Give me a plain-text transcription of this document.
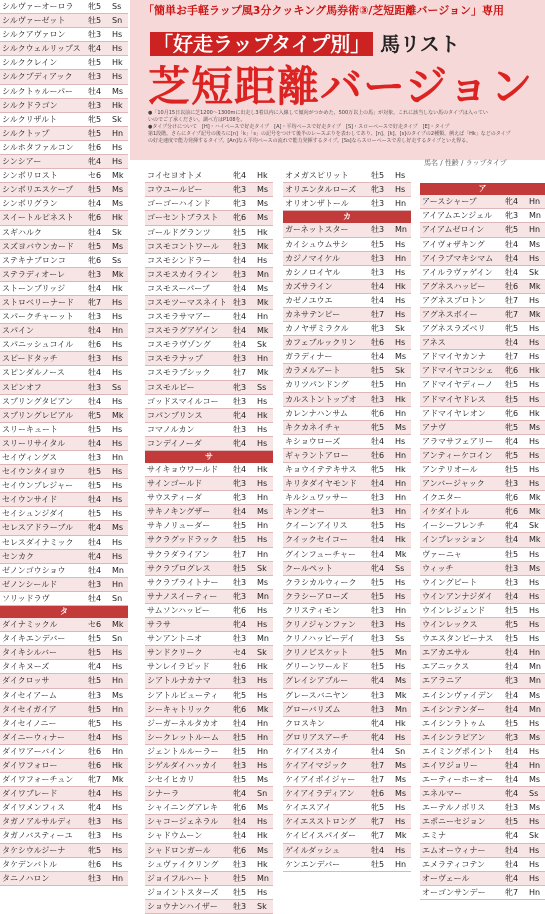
「簡単お手軽ラップ風3分クッキング馬券術③/芝短距離バージョン」専用
「好走ラップタイプ別」 馬リスト
芝短距離バージョン
●「10月15日以前に芝1200〜1300mに出走し3着以内に入線して傾向がつかめた、500万以上の馬」が対象。これに該当しない馬のタイプは入ってい
いのでご了承ください。調べ方はP108を。
●タイプ分けについて　[H]・ハイペースで好走タイプ　[A]・平均ペースで好走タイプ　[S]・スローペースで好走タイプ　[E]・タイプ
第1段階。さらにタイプ記号の後ろに[n]「k」「s」の記号をつけて後半のレースぶりを表わしてあり、[n]、[k]、[s]のタイプの2種類、例えば「Hk」などのタイプ
の好走速度で能力発揮するタイプ。[An]なら平均ペースの流れで能力発揮するタイプ。[Ss]ならスローペースで差し好走するタイプといえ得る。
馬名 / 性齢 / ラップタイプ
シルヴァーオーロラ	牝5	Ss
シルヴァーゼット	牡5	Sn
シルクアヴァロン	牡3	Hs
シルクウェルリップス 牝4	Hs
シルククレイン	牡5	Hk
シルクプディアック	牡3	Hs
シルクトゥルーパー	牡4	Ms
シルクドラゴン	牡3	Hk
シルクリザルト	牝5	Sk
シルクトップ	牡5	Hn
シルホタファルコン	牡6	Hs
シンシアー	牝4	Hs
シンボリロスト	セ6	Mk
シンボリエスケープ	牡5	Ms
シンボリグラン	牡4	Ms
スイートルピネスト	牝6	Hk
スギハルク	牡4	Sk
スズヨバウンカード	牡5	Ms
ステキナブロンコ	牝6	Ss
ステラディオーレ	牡3	Mk
ストーンブリッジ	牡4	Hk
ストロベリーナード	牝7	Hs
スパークチャーット	牡3	Hs
スパイン	牡4	Hn
スパニッシュコイル	牡6	Hs
スピードタッチ	牡3	Hs
スピンダルノース	牡4	Hs
スピンオフ	牡3	Ss
スプリングタピアン	牡4	Hs
スプリングレビアル	牝5	Mk
スリーキュート	牡5	Hs
スリーリサイタル	牡4	Hs
セイヴィングス	牡3	Hn
セイウンタイヨウ	牡5	Hs
セイウンプレジャー	牡5	Hs
セイウンサイド	牡4	Hs
セイシュンジダイ	牡5	Hs
セレスアドラーブル	牝4	Ms
セレスダイナミック	牡4	Hs
センカク	牝4	Hs
ゼノンゴウショウ	牡4	Mn
ゼノンシールド	牡3	Hn
ソリッドラヴ	牡4	Sn
タ
ダイナミックル	セ6	Mk
タイキエンデバー	牡5	Sn
タイキシルバー	牡5	Hs
タイキヌーズ	牝4	Hs
ダイクロッサ	牡5	Hn
タイセイアーム	牡3	Ms
タイセイガイア	牡5	Hn
タイセイノニー	牝5	Hs
ダイニーウィナー	牡4	Hs
ダイワアーバイン	牡6	Hn
ダイワフォロー	牡6	Hk
ダイワフォーチュン	牝7	Mk
ダイワブレード	牡4	Hs
ダイワメンフィス	牝4	Hs
タガノアルサルディ	牡3	Hs
タガノバスティーユ	牡3	Hs
タケシウルジーナ	牝5	Hs
タケデンバトル	牡6	Hs
タニノハロン	牡3	Hn
コイセヨオトメ	牝4	Hk
コウユールビー	牝3	Ms
ゴーゴーハインド	牝3	Ms
ゴーセントブラスト	牝6	Ms
ゴールドグランツ	牡5	Hk
コスモコントワール	牡3	Mk
コスモシンドラー	牡4	Hs
コスモスカイライン	牡3	Mn
コスモスーパーブ	牡4	Ms
コスモツーマスネイト 牡3	Mk
コスモラサマアー	牡4	Hn
コスモラグアゲイン	牡4	Mk
コスモラヴゾング	牡4	Sk
コスモラナップ	牡3	Hn
コスモラブシック	牡7	Mk
コスモルビー	牝3	Ss
ゴッドスマイルコー	牡3	Hs
コパンプリンス	牝4	Hk
コマノルカン	牡3	Hs
コンデイノーダ	牝4	Hs
サ
サイキョウワールド	牡4	Hk
サインゴールド	牝3	Hs
サウスティーダ	牝3	Hn
サキノキングザー	牡4	Ms
サキノリューダー	牡5	Hn
サクラグッドラック	牡5	Hs
サクラダライアン	牡7	Hn
サクラプログレス	牡5	Sk
サクラブライトナー	牡3	Ms
サナノスイーティー	牝3	Mn
サムソンハッピー	牝6	Hs
サラサ	牝4	Hs
サンアントニオ	牡3	Mn
サンドクリーク	セ4	Sk
サンレイラピッド	牡6	Hk
シアトルナカナマ	牡3	Hs
シアトルビューティ	牝5	Hs
シーキャトリック	牝6	Mk
ジーガーネルタカオ	牡4	Hn
シークレットルーム	牡5	Hn
ジェントルルーラー	牡5	Hn
シゲルダイハッカイ	牡3	Hs
シセイヒカリ	牡5	Ms
シナーラ	牝4	Sn
シャイニングアレキ	牝6	Ms
シャコージェネラル	牡4	Hs
シャドウムーン	牡4	Hk
シャドロンガール	牝6	Ms
シュヴァイクリング	牡3	Hk
ジョイフルハート	牡5	Mn
ジョイントスターズ	牡5	Hs
ショウナンハイザー	牡3	Sk
オメガスピリット	牡5	Hs
オリエンタルローズ	牝3	Hs
オリオンザトール	牡3	Hn
カ
ガーネットスター	牡3	Mn
カイシュウムサシ	牡5	Hs
カジノマイケル	牡3	Hn
カシノロイヤル	牡3	Hs
カズサライン	牡4	Hk
カゼノユウエ	牡4	Hs
カネサテンピー	牡7	Hs
カノヤザミラクル	牝3	Sk
カフェブルックリン	牡6	Hs
ガラディナー	牡4	Ms
カラメルアート	牡5	Sk
カリツパンドング	牡5	Hn
カルストントップオ	牡3	Hk
カレンナハンサム	牝6	Hn
キクカネイチャ	牝5	Ms
キショウローズ	牡4	Hs
ギャラントアロー	牡6	Hn
キョウイテテキサス	牝5	Hk
キリタダイヤモンド	牡4	Hn
キルシュワッサー	牡3	Hn
キングオー	牡3	Hn
クイーンアイリス	牡5	Hs
クイックセイコー	牡4	Hk
グインフューチャー	牡4	Mk
クールペット	牝4	Ss
クラシカルウィーク	牡5	Hs
クラシーアローズ	牡5	Hs
クリスティモン	牡3	Hn
クリノジャンファン	牡3	Hs
クリノハッピーデイ	牡3	Ss
クリノビスケット	牡5	Mn
グリーンワールド	牡5	Hs
グレイシアブルー	牝4	Ms
グレースバニヤン	牡3	Mk
グローバリズム	牡3	Mn
クロスキン	牝4	Hk
グロリアスアーチ	牝4	Hs
ケイアイスカイ	牡4	Sn
ケイアイマジック	牡7	Ms
ケイアイポイジャー	牡7	Ms
ケイアイラディアン	牡6	Ms
ケイエスアイ	牝5	Hs
ケイエスストロング	牝7	Hs
ケイビイスパイダー	牝7	Mk
ゲイルダッシュ	牡4	Hs
ケンエンデバー	牡5	Hn
ア
アースシャープ	牝4	Hn
アイアムエンジェル	牝3	Mn
アイアムゼロイン	牝5	Hn
アイヴォザキング	牡4	Ms
アイラブマキシマム	牡4	Hs
アイルラヴァゲイン	牡4	Sk
アグネスハッピー	牡6	Mk
アグネスプロトン	牡7	Hs
アグネスボイー	牝7	Mk
アグネスラズベリ	牝5	Hs
アネス	牡4	Hs
アドマイヤカンナ	牡7	Hs
アドマイヤコンシェ	牝6	Hk
アドマイヤディーノ	牡5	Hs
アドマイヤドレス	牡5	Hs
アドマイヤレオン	牝6	Hk
アナヴ	牝5	Ms
アラマサフェアリー	牝4	Hs
アンティーケコイン	牝5	Hs
アンテリオール	牡5	Hs
アンバージャック	牡3	Hs
イクエター	牝6	Mk
イケダイトル	牝6	Mk
イーシーフレンチ	牝4	Sk
インプレッション	牡4	Mk
ヴァーニャ	牡5	Hs
ウィッチ	牡3	Ms
ウイングビート	牡3	Hs
ウインアンナジダイ	牡4	Hs
ウインレジェンド	牡5	Hs
ウインレックス	牝5	Hs
ウエスタンピーナス	牡5	Hs
エアカエサル	牡4	Hn
エアニックス	牡4	Mn
エアラニア	牝3	Mn
エイシンヴァイデン	牡4	Ms
エイシンテンダー	牡4	Mn
エイシンラトゥム	牡5	Hs
エイシンラピアン	牝3	Ms
エイミングポイント	牡4	Hs
エイワジョリー	牡4	Hn
エーティーホーオー	牡4	Ms
エネルマー	牝4	Ss
エーテルノポリス	牡3	Ms
エポニーセジョン	牡5	Hs
エミナ	牝4	Sk
エムオーウィナー	牡4	Hs
エメラティコテン	牡4	Hs
オーヴェール	牝4	Hs
オーゴンサンデー	牝7	Hn
